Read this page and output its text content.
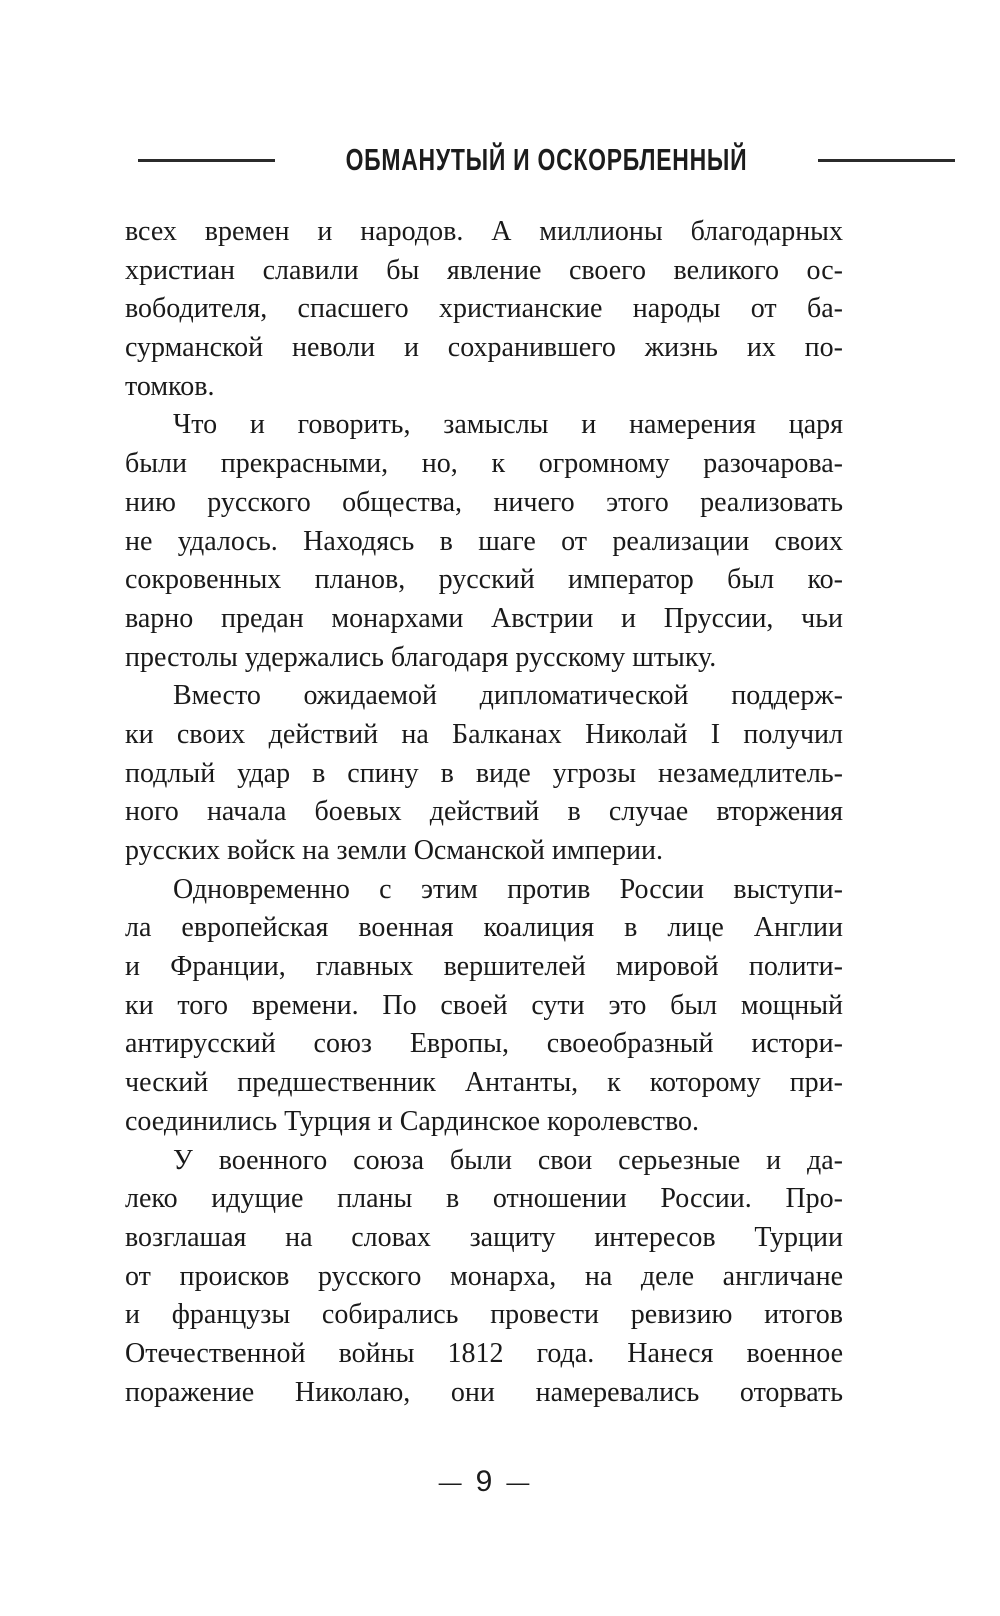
ОБМАНУТЫЙ И ОСКОРБЛЕННЫЙ
всех времен и народов. А миллионы благодарных
христиан славили бы явление своего великого ос-
вободителя, спасшего христианские народы от ба-
сурманской неволи и сохранившего жизнь их по-
томков.
Что и говорить, замыслы и намерения царя
были прекрасными, но, к огромному разочарова-
нию русского общества, ничего этого реализовать
не удалось. Находясь в шаге от реализации своих
сокровенных планов, русский император был ко-
варно предан монархами Австрии и Пруссии, чьи
престолы удержались благодаря русскому штыку.
Вместо ожидаемой дипломатической поддерж-
ки своих действий на Балканах Николай I получил
подлый удар в спину в виде угрозы незамедлитель-
ного начала боевых действий в случае вторжения
русских войск на земли Османской империи.
Одновременно с этим против России выступи-
ла европейская военная коалиция в лице Англии
и Франции, главных вершителей мировой полити-
ки того времени. По своей сути это был мощный
антирусский союз Европы, своеобразный истори-
ческий предшественник Антанты, к которому при-
соединились Турция и Сардинское королевство.
У военного союза были свои серьезные и да-
леко идущие планы в отношении России. Про-
возглашая на словах защиту интересов Турции
от происков русского монарха, на деле англичане
и французы собирались провести ревизию итогов
Отечественной войны 1812 года. Нанеся военное
поражение Николаю, они намеревались оторвать
— 9 —
